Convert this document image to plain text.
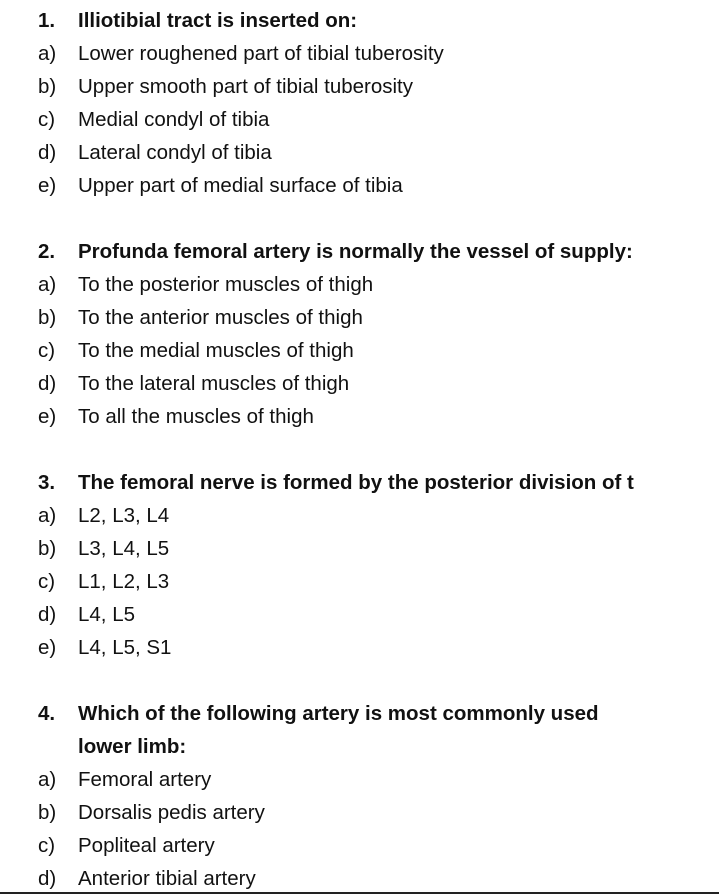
1. Illiotibial tract is inserted on:
a) Lower roughened part of tibial tuberosity
b) Upper smooth part of tibial tuberosity
c) Medial condyl of tibia
d) Lateral condyl of tibia
e) Upper part of medial surface of tibia
2. Profunda femoral artery is normally the vessel of supply:
a) To the posterior muscles of thigh
b) To the anterior muscles of thigh
c) To the medial muscles of thigh
d) To the lateral muscles of thigh
e) To all the muscles of thigh
3. The femoral nerve is formed by the posterior division of t
a) L2, L3, L4
b) L3, L4, L5
c) L1, L2, L3
d) L4, L5
e) L4, L5, S1
4. Which of the following artery is most commonly used
lower limb:
a) Femoral artery
b) Dorsalis pedis artery
c) Popliteal artery
d) Anterior tibial artery
